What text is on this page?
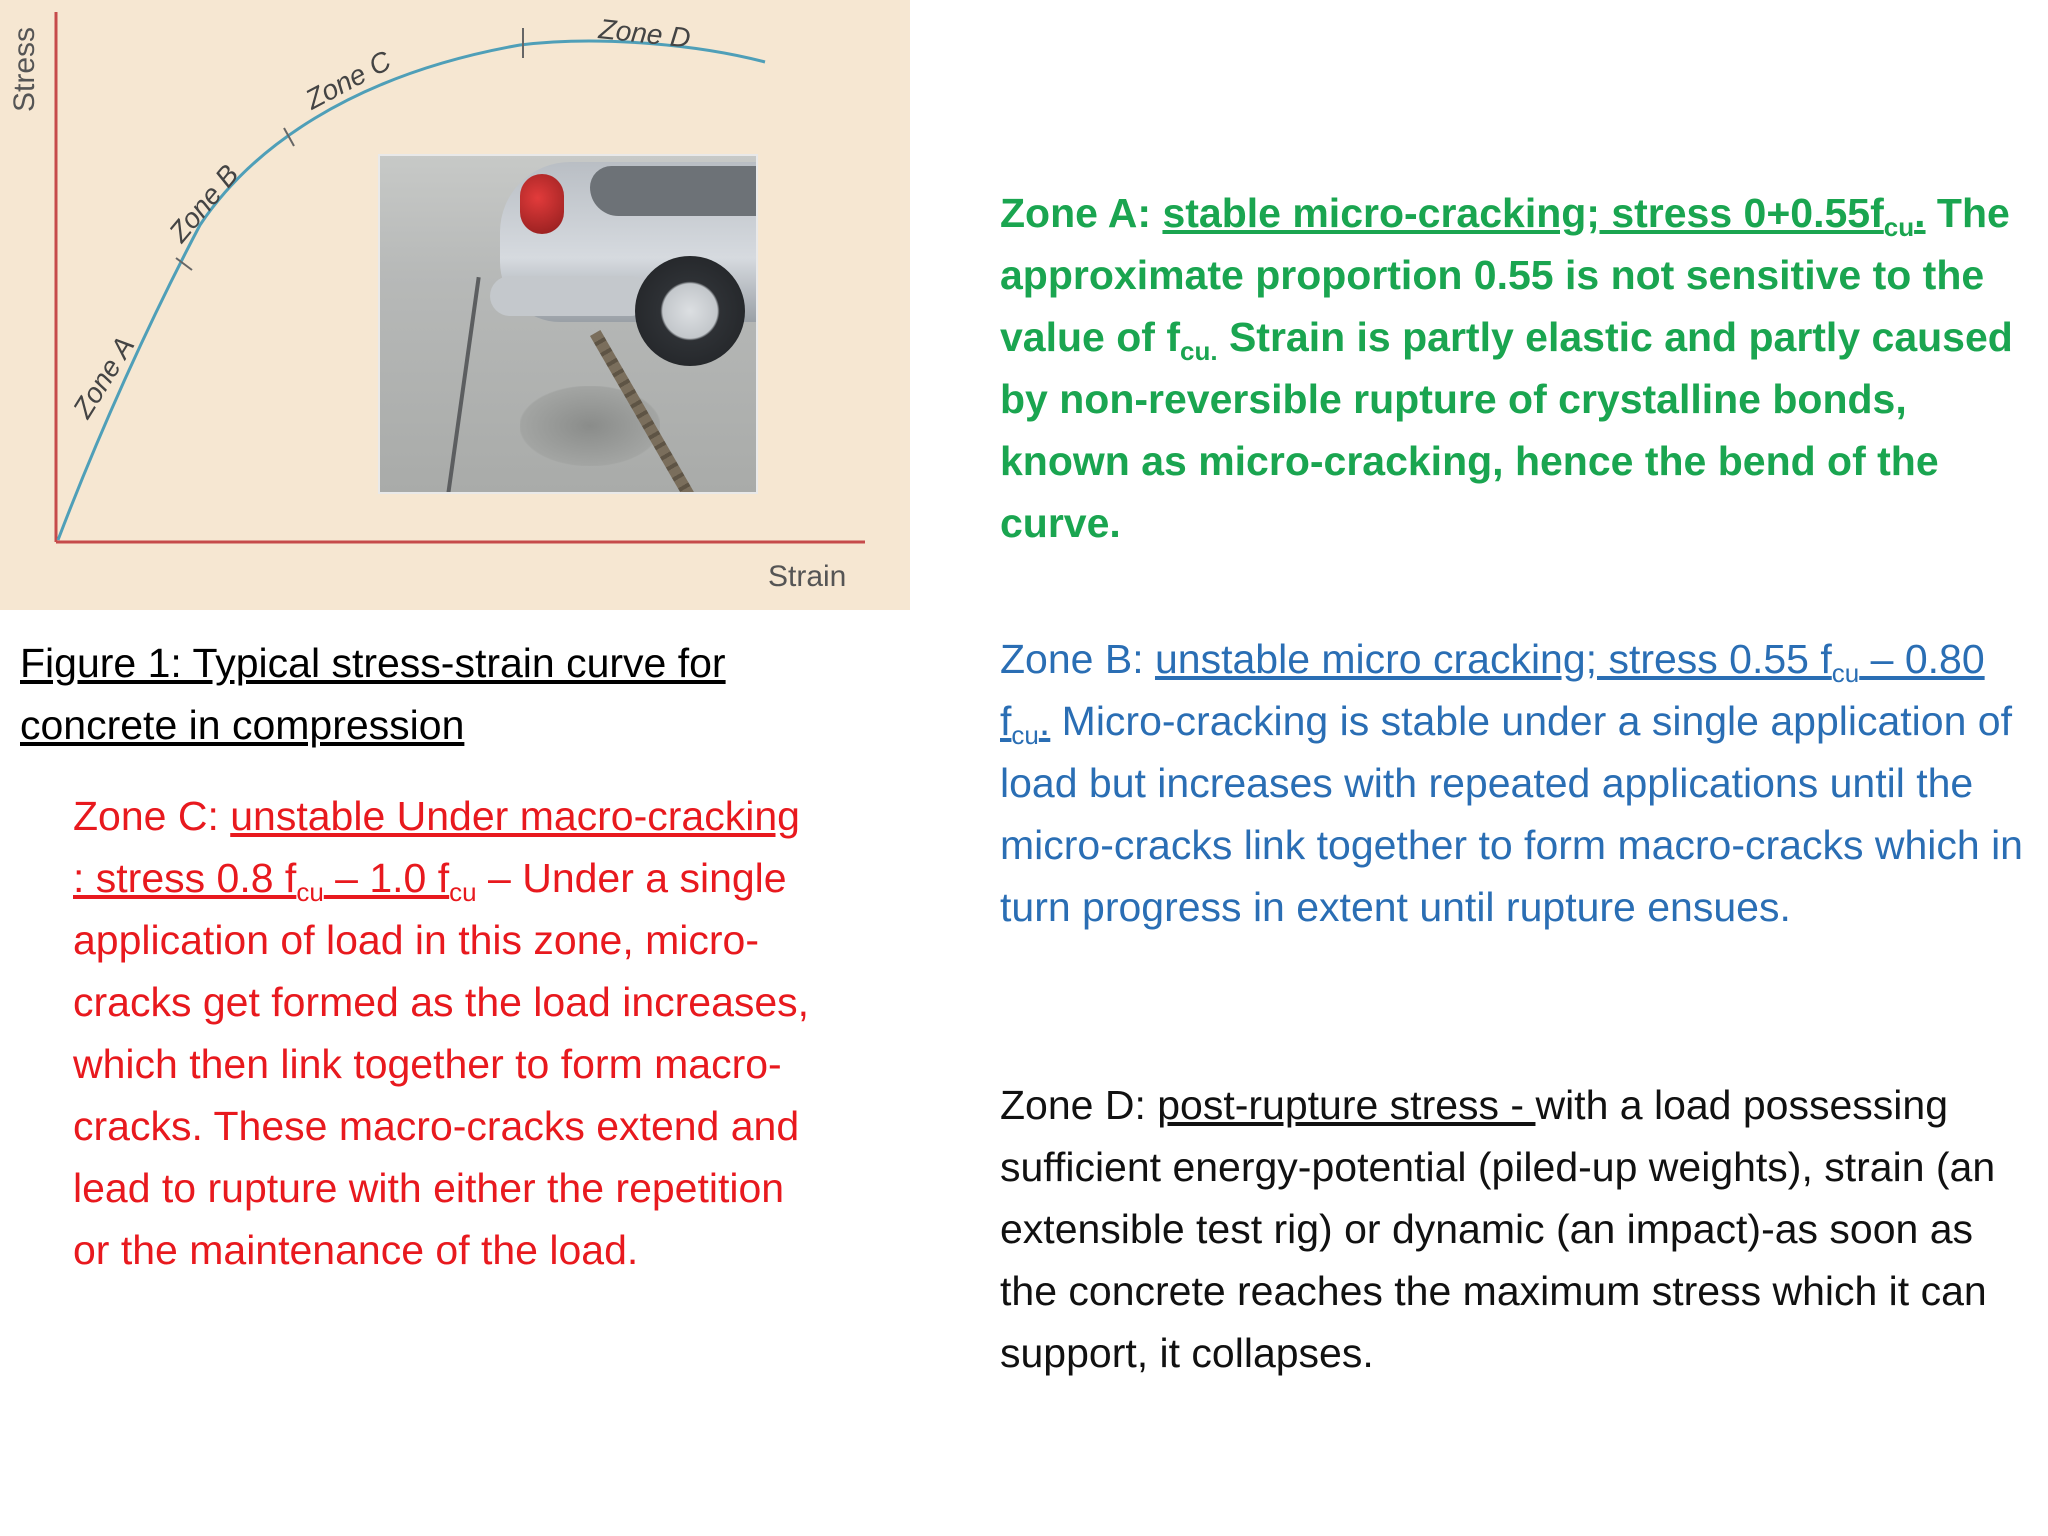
Stress
Strain
Zone A
Zone B
Zone C
Zone D
Figure 1: Typical stress-strain curve for concrete in compression
Zone A: stable micro-cracking; stress $0+0.55f_{cu}$. The approximate proportion 0.55 is not sensitive to the value of $f_{cu.}$ Strain is partly elastic and partly caused by non-reversible rupture of crystalline bonds, known as micro-cracking, hence the bend of the curve.
Zone B: unstable micro cracking; stress 0.55 $f_{cu} - 0.80$ $f_{cu}$. Micro-cracking is stable under a single application of load but increases with repeated applications until the micro-cracks link together to form macro-cracks which in turn progress in extent until rupture ensues.
Zone C: unstable Under macro-cracking : stress 0.8 $f_{cu} - 1.0$ $f_{cu}$ – Under a single application of load in this zone, micro-cracks get formed as the load increases, which then link together to form macro-cracks. These macro-cracks extend and lead to rupture with either the repetition or the maintenance of the load.
Zone D: post-rupture stress - with a load possessing sufficient energy-potential (piled-up weights), strain (an extensible test rig) or dynamic (an impact)-as soon as the concrete reaches the maximum stress which it can support, it collapses.
